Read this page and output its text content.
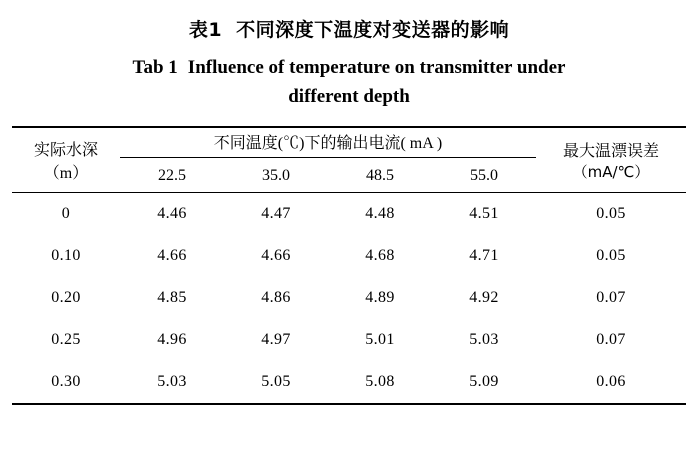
表1 不同深度下温度对变送器的影响
Tab 1 Influence of temperature on transmitter under
different depth

实际水深
（m）
	不同温度(℃)下的输出电流( mA )	最大温漂误差
（mA/℃）

	22.5	35.0	48.5	55.0	

0	4.46	4.47	4.48	4.51	0.05
0.10	4.66	4.66	4.68	4.71	0.05
0.20	4.85	4.86	4.89	4.92	0.07
0.25	4.96	4.97	5.01	5.03	0.07
0.30	5.03	5.05	5.08	5.09	0.06
